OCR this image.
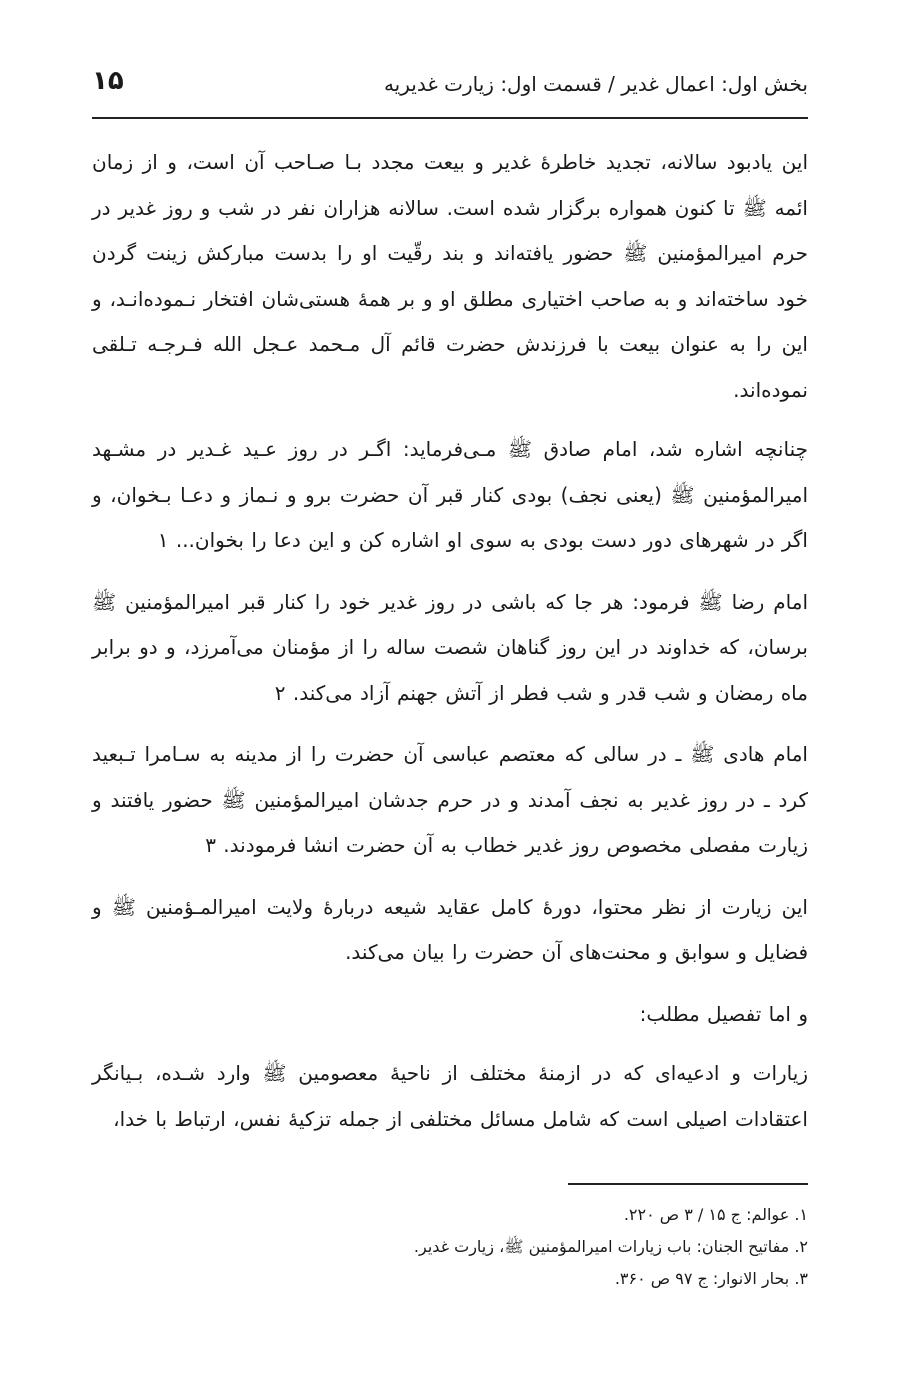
بخش اول: اعمال غدیر / قسمت اول: زیارت غدیریه
۱۵

این یادبود سالانه، تجدید خاطرهٔ غدیر و بیعت مجدد بـا صـاحب آن است، و از زمان ائمه ﷺ تا کنون همواره برگزار شده است. سالانه هزاران نفر در شب و روز غدیر در حرم امیرالمؤمنین ﷺ حضور یافته‌اند و بند رقّیت او را بدست مبارکش زینت گردن خود ساخته‌اند و به صاحب اختیاری مطلق او و بر همهٔ هستی‌شان افتخار نـموده‌انـد، و این را به عنوان بیعت با فرزندش حضرت قائم آل مـحمد عـجل الله فـرجـه تـلقی نموده‌اند.

چنانچه اشاره شد، امام صادق ﷺ مـی‌فرماید: اگـر در روز عـید غـدیر در مشـهد امیرالمؤمنین ﷺ (یعنی نجف) بودی کنار قبر آن حضرت برو و نـماز و دعـا بـخوان، و اگر در شهرهای دور دست بودی به سوی او اشاره کن و این دعا را بخوان... ۱

امام رضا ﷺ فرمود: هر جا که باشی در روز غدیر خود را کنار قبر امیرالمؤمنین ﷺ برسان، که خداوند در این روز گناهان شصت ساله را از مؤمنان می‌آمرزد، و دو برابر ماه رمضان و شب قدر و شب فطر از آتش جهنم آزاد می‌کند. ۲

امام هادی ﷺ ـ در سالی که معتصم عباسی آن حضرت را از مدینه به سـامرا تـبعید کرد ـ در روز غدیر به نجف آمدند و در حرم جدشان امیرالمؤمنین ﷺ حضور یافتند و زیارت مفصلی مخصوص روز غدیر خطاب به آن حضرت انشا فرمودند. ۳

این زیارت از نظر محتوا، دورهٔ کامل عقاید شیعه دربارهٔ ولایت امیرالمـؤمنین ﷺ و فضایل و سوابق و محنت‌های آن حضرت را بیان می‌کند.

و اما تفصیل مطلب:

زیارات و ادعیه‌ای که در ازمنهٔ مختلف از ناحیهٔ معصومین ﷺ وارد شـده، بـیانگر اعتقادات اصیلی است که شامل مسائل مختلفی از جمله تزکیهٔ نفس، ارتباط با خدا،

۱. عوالم: ج ۱۵ / ۳ ص ۲۲۰.
۲. مفاتیح الجنان: باب زیارات امیرالمؤمنین ﷺ، زیارت غدیر.
۳. بحار الانوار: ج ۹۷ ص ۳۶۰.
